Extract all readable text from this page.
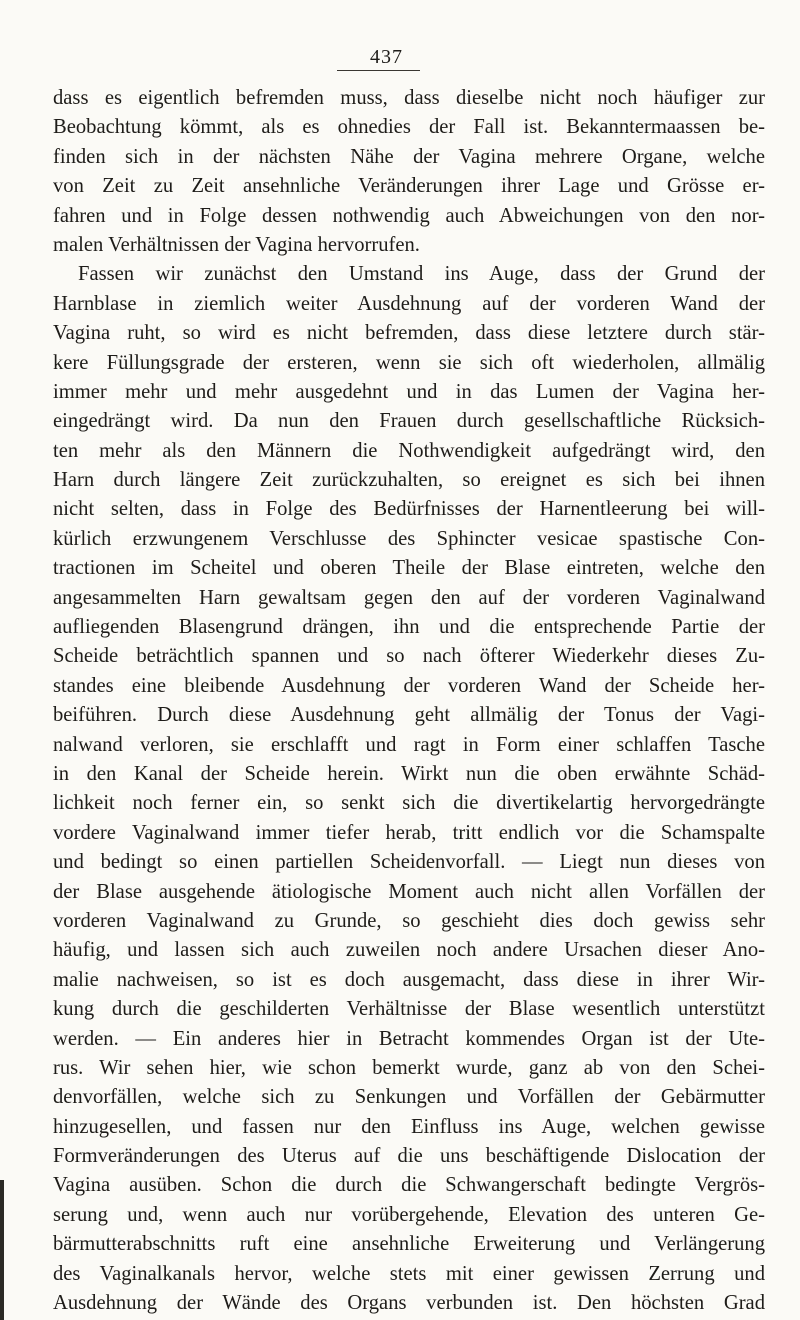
437
dass es eigentlich befremden muss, dass dieselbe nicht noch häufiger zur
Beobachtung kömmt, als es ohnedies der Fall ist. Bekanntermaassen be-
finden sich in der nächsten Nähe der Vagina mehrere Organe, welche
von Zeit zu Zeit ansehnliche Veränderungen ihrer Lage und Grösse er-
fahren und in Folge dessen nothwendig auch Abweichungen von den nor-
malen Verhältnissen der Vagina hervorrufen.
Fassen wir zunächst den Umstand ins Auge, dass der Grund der
Harnblase in ziemlich weiter Ausdehnung auf der vorderen Wand der
Vagina ruht, so wird es nicht befremden, dass diese letztere durch stär-
kere Füllungsgrade der ersteren, wenn sie sich oft wiederholen, allmälig
immer mehr und mehr ausgedehnt und in das Lumen der Vagina her-
eingedrängt wird. Da nun den Frauen durch gesellschaftliche Rücksich-
ten mehr als den Männern die Nothwendigkeit aufgedrängt wird, den
Harn durch längere Zeit zurückzuhalten, so ereignet es sich bei ihnen
nicht selten, dass in Folge des Bedürfnisses der Harnentleerung bei will-
kürlich erzwungenem Verschlusse des Sphincter vesicae spastische Con-
tractionen im Scheitel und oberen Theile der Blase eintreten, welche den
angesammelten Harn gewaltsam gegen den auf der vorderen Vaginalwand
aufliegenden Blasengrund drängen, ihn und die entsprechende Partie der
Scheide beträchtlich spannen und so nach öfterer Wiederkehr dieses Zu-
standes eine bleibende Ausdehnung der vorderen Wand der Scheide her-
beiführen. Durch diese Ausdehnung geht allmälig der Tonus der Vagi-
nalwand verloren, sie erschlafft und ragt in Form einer schlaffen Tasche
in den Kanal der Scheide herein. Wirkt nun die oben erwähnte Schäd-
lichkeit noch ferner ein, so senkt sich die divertikelartig hervorgedrängte
vordere Vaginalwand immer tiefer herab, tritt endlich vor die Schamspalte
und bedingt so einen partiellen Scheidenvorfall. — Liegt nun dieses von
der Blase ausgehende ätiologische Moment auch nicht allen Vorfällen der
vorderen Vaginalwand zu Grunde, so geschieht dies doch gewiss sehr
häufig, und lassen sich auch zuweilen noch andere Ursachen dieser Ano-
malie nachweisen, so ist es doch ausgemacht, dass diese in ihrer Wir-
kung durch die geschilderten Verhältnisse der Blase wesentlich unterstützt
werden. — Ein anderes hier in Betracht kommendes Organ ist der Ute-
rus. Wir sehen hier, wie schon bemerkt wurde, ganz ab von den Schei-
denvorfällen, welche sich zu Senkungen und Vorfällen der Gebärmutter
hinzugesellen, und fassen nur den Einfluss ins Auge, welchen gewisse
Formveränderungen des Uterus auf die uns beschäftigende Dislocation der
Vagina ausüben. Schon die durch die Schwangerschaft bedingte Vergrös-
serung und, wenn auch nur vorübergehende, Elevation des unteren Ge-
bärmutterabschnitts ruft eine ansehnliche Erweiterung und Verlängerung
des Vaginalkanals hervor, welche stets mit einer gewissen Zerrung und
Ausdehnung der Wände des Organs verbunden ist. Den höchsten Grad
